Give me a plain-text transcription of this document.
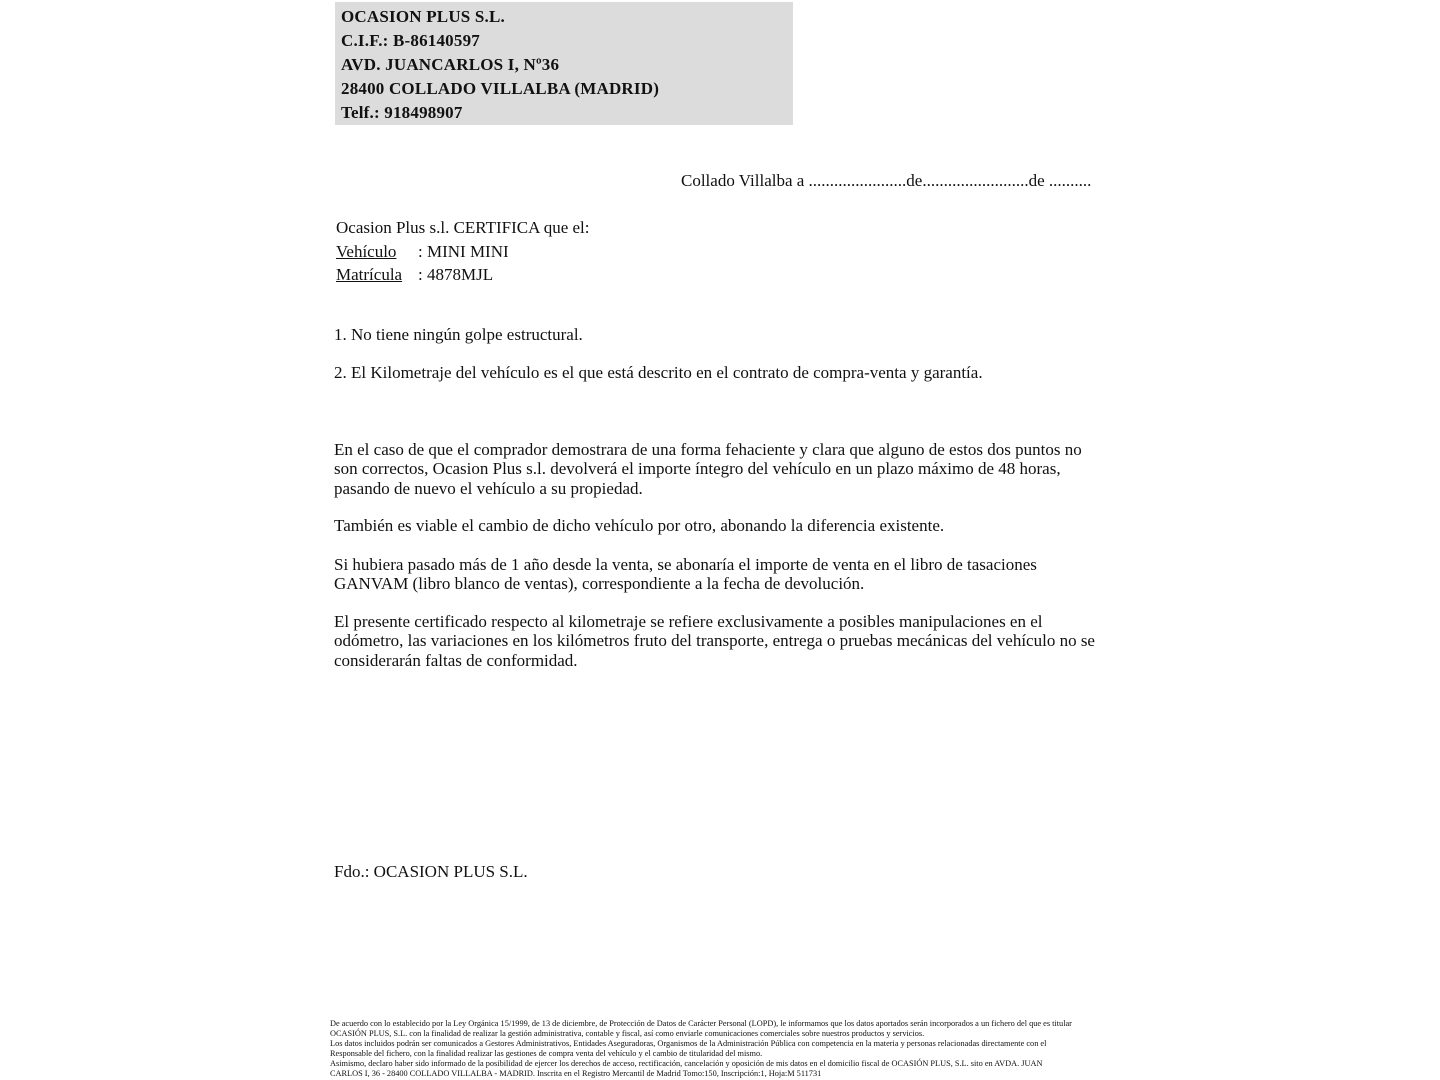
OCASION PLUS S.L.
C.I.F.: B-86140597
AVD. JUANCARLOS I, Nº36
28400 COLLADO VILLALBA (MADRID)
Telf.: 918498907
Collado Villalba a .......................de.........................de ..........
Ocasion Plus s.l. CERTIFICA que el:
Vehículo : MINI MINI
Matrícula : 4878MJL
1. No tiene ningún golpe estructural.
2. El Kilometraje del vehículo es el que está descrito en el contrato de compra-venta y garantía.
En el caso de que el comprador demostrara de una forma fehaciente y clara que alguno de estos dos puntos no son correctos, Ocasion Plus s.l. devolverá el importe íntegro del vehículo en un plazo máximo de 48 horas, pasando de nuevo el vehículo a su propiedad.
También es viable el cambio de dicho vehículo por otro, abonando la diferencia existente.
Si hubiera pasado más de 1 año desde la venta, se abonaría el importe de venta en el libro de tasaciones GANVAM (libro blanco de ventas), correspondiente a la fecha de devolución.
El presente certificado respecto al kilometraje se refiere exclusivamente a posibles manipulaciones en el odómetro, las variaciones en los kilómetros fruto del transporte, entrega o pruebas mecánicas del vehículo no se considerarán faltas de conformidad.
Fdo.: OCASION PLUS S.L.
De acuerdo con lo establecido por la Ley Orgánica 15/1999, de 13 de diciembre, de Protección de Datos de Carácter Personal (LOPD), le informamos que los datos aportados serán incorporados a un fichero del que es titular
OCASIÓN PLUS, S.L. con la finalidad de realizar la gestión administrativa, contable y fiscal, así como enviarle comunicaciones comerciales sobre nuestros productos y servicios.
Los datos incluidos podrán ser comunicados a Gestores Administrativos, Entidades Aseguradoras, Organismos de la Administración Pública con competencia en la materia y personas relacionadas directamente con el
Responsable del fichero, con la finalidad realizar las gestiones de compra venta del vehículo y el cambio de titularidad del mismo.
Asimismo, declaro haber sido informado de la posibilidad de ejercer los derechos de acceso, rectificación, cancelación y oposición de mis datos en el domicilio fiscal de OCASIÓN PLUS, S.L. sito en AVDA. JUAN
CARLOS I, 36 - 28400 COLLADO VILLALBA - MADRID. Inscrita en el Registro Mercantil de Madrid Tomo:150, Inscripción:1, Hoja:M 511731
